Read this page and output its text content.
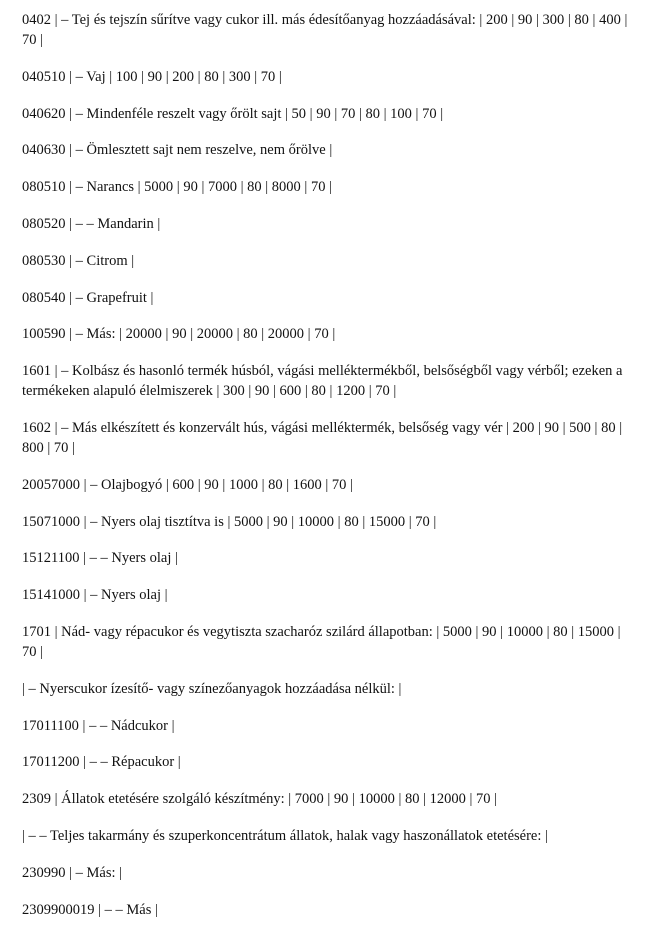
0402 | – Tej és tejszín sűrítve vagy cukor ill. más édesítőanyag hozzáadásával: | 200 | 90 | 300 | 80 | 400 | 70 |

040510 | – Vaj | 100 | 90 | 200 | 80 | 300 | 70 |

040620 | – Mindenféle reszelt vagy őrölt sajt | 50 | 90 | 70 | 80 | 100 | 70 |

040630 | – Ömlesztett sajt nem reszelve, nem őrölve |

080510 | – Narancs | 5000 | 90 | 7000 | 80 | 8000 | 70 |

080520 | – – Mandarin |

080530 | – Citrom |

080540 | – Grapefruit |

100590 | – Más: | 20000 | 90 | 20000 | 80 | 20000 | 70 |

1601 | – Kolbász és hasonló termék húsból, vágási melléktermékből, belsőségből vagy vérből; ezeken a termékeken alapuló élelmiszerek | 300 | 90 | 600 | 80 | 1200 | 70 |

1602 | – Más elkészített és konzervált hús, vágási melléktermék, belsőség vagy vér | 200 | 90 | 500 | 80 | 800 | 70 |

20057000 | – Olajbogyó | 600 | 90 | 1000 | 80 | 1600 | 70 |

15071000 | – Nyers olaj tisztítva is | 5000 | 90 | 10000 | 80 | 15000 | 70 |

15121100 | – – Nyers olaj |

15141000 | – Nyers olaj |

1701 | Nád- vagy répacukor és vegytiszta szacharóz szilárd állapotban: | 5000 | 90 | 10000 | 80 | 15000 | 70 |

| – Nyerscukor ízesítő- vagy színezőanyagok hozzáadása nélkül: |

17011100 | – – Nádcukor |

17011200 | – – Répacukor |

2309 | Állatok etetésére szolgáló készítmény: | 7000 | 90 | 10000 | 80 | 12000 | 70 |

| – – Teljes takarmány és szuperkoncentrátum állatok, halak vagy haszonállatok etetésére: |

230990 | – Más: |

2309900019 | – – Más |
